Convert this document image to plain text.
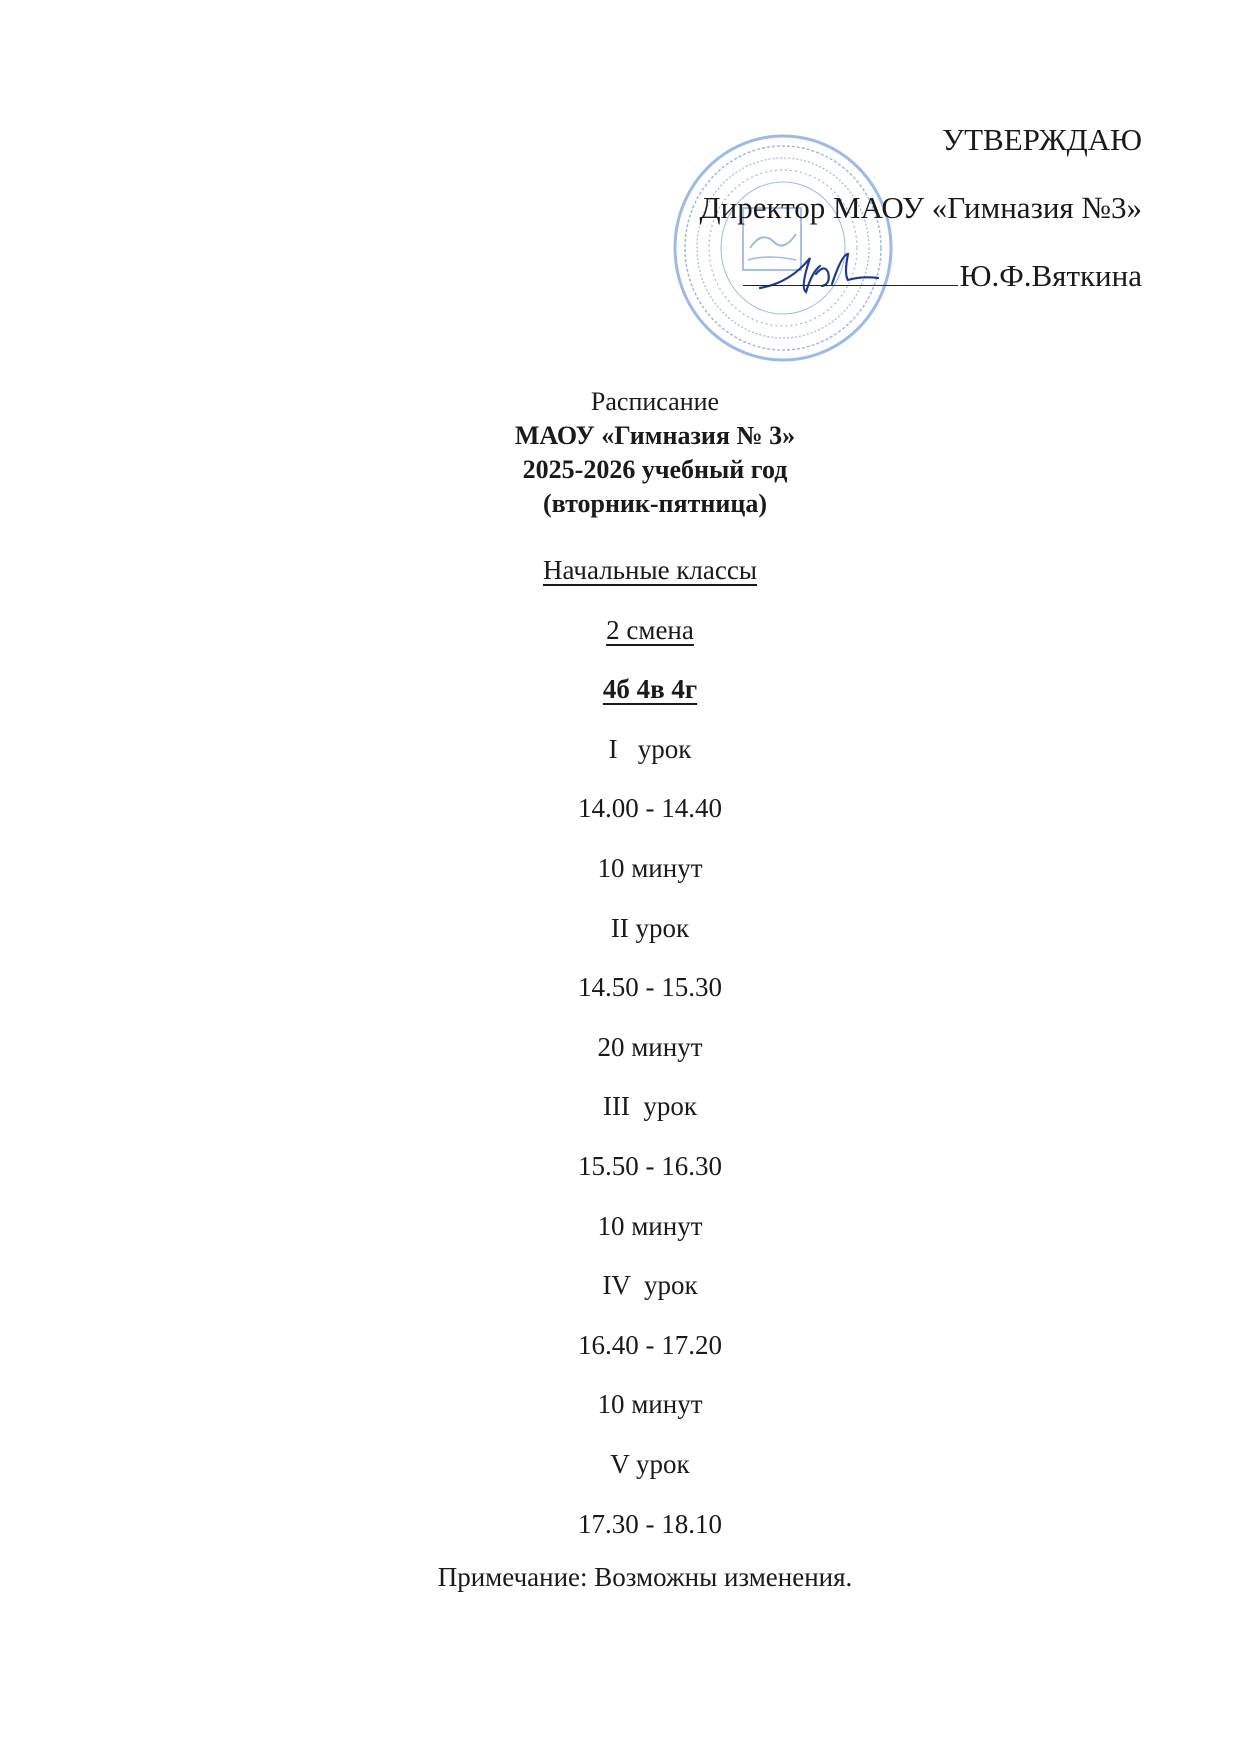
УТВЕРЖДАЮ
Директор МАОУ «Гимназия №3»
Ю.Ф.Вяткина
Расписание
МАОУ «Гимназия № 3»
2025-2026 учебный год
(вторник-пятница)
Начальные классы
2 смена
4б 4в 4г
I   урок
14.00 - 14.40
10 минут
II урок
14.50 - 15.30
20 минут
III  урок
15.50 - 16.30
10 минут
IV  урок
16.40 - 17.20
10 минут
V урок
17.30 - 18.10
Примечание: Возможны изменения.
